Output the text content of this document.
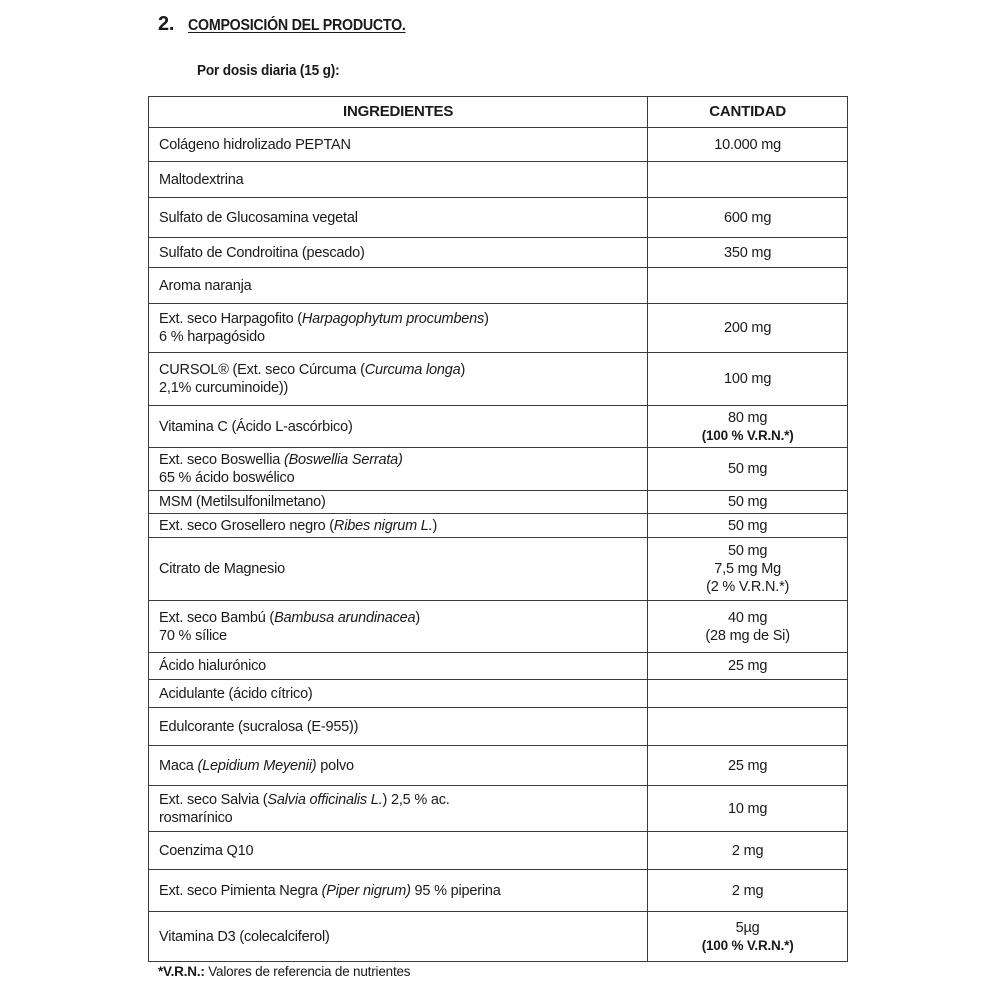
2. COMPOSICIÓN DEL PRODUCTO.
Por dosis diaria (15 g):
INGREDIENTES	CANTIDAD
Colágeno hidrolizado PEPTAN	10.000 mg
Maltodextrina	
Sulfato de Glucosamina vegetal	600 mg
Sulfato de Condroitina (pescado)	350 mg
Aroma naranja	
Ext. seco Harpagofito (Harpagophytum procumbens)
6 % harpagósido	200 mg
CURSOL® (Ext. seco Cúrcuma (Curcuma longa)
2,1% curcuminoide))	100 mg
Vitamina C (Ácido L-ascórbico)	80 mg
(100 % V.R.N.*)
Ext. seco Boswellia (Boswellia Serrata)
65 % ácido boswélico	50 mg
MSM (Metilsulfonilmetano)	50 mg
Ext. seco Grosellero negro (Ribes nigrum L.)	50 mg
Citrato de Magnesio	50 mg
7,5 mg Mg
(2 % V.R.N.*)
Ext. seco Bambú (Bambusa arundinacea)
70 % sílice	40 mg
(28 mg de Si)
Ácido hialurónico	25 mg
Acidulante (ácido cítrico)	
Edulcorante (sucralosa (E-955))	
Maca (Lepidium Meyenii) polvo	25 mg
Ext. seco Salvia (Salvia officinalis L.) 2,5 % ac.
rosmarínico	10 mg
Coenzima Q10	2 mg
Ext. seco Pimienta Negra (Piper nigrum) 95 % piperina	2 mg
Vitamina D3 (colecalciferol)	5µg
(100 % V.R.N.*)
*V.R.N.: Valores de referencia de nutrientes
